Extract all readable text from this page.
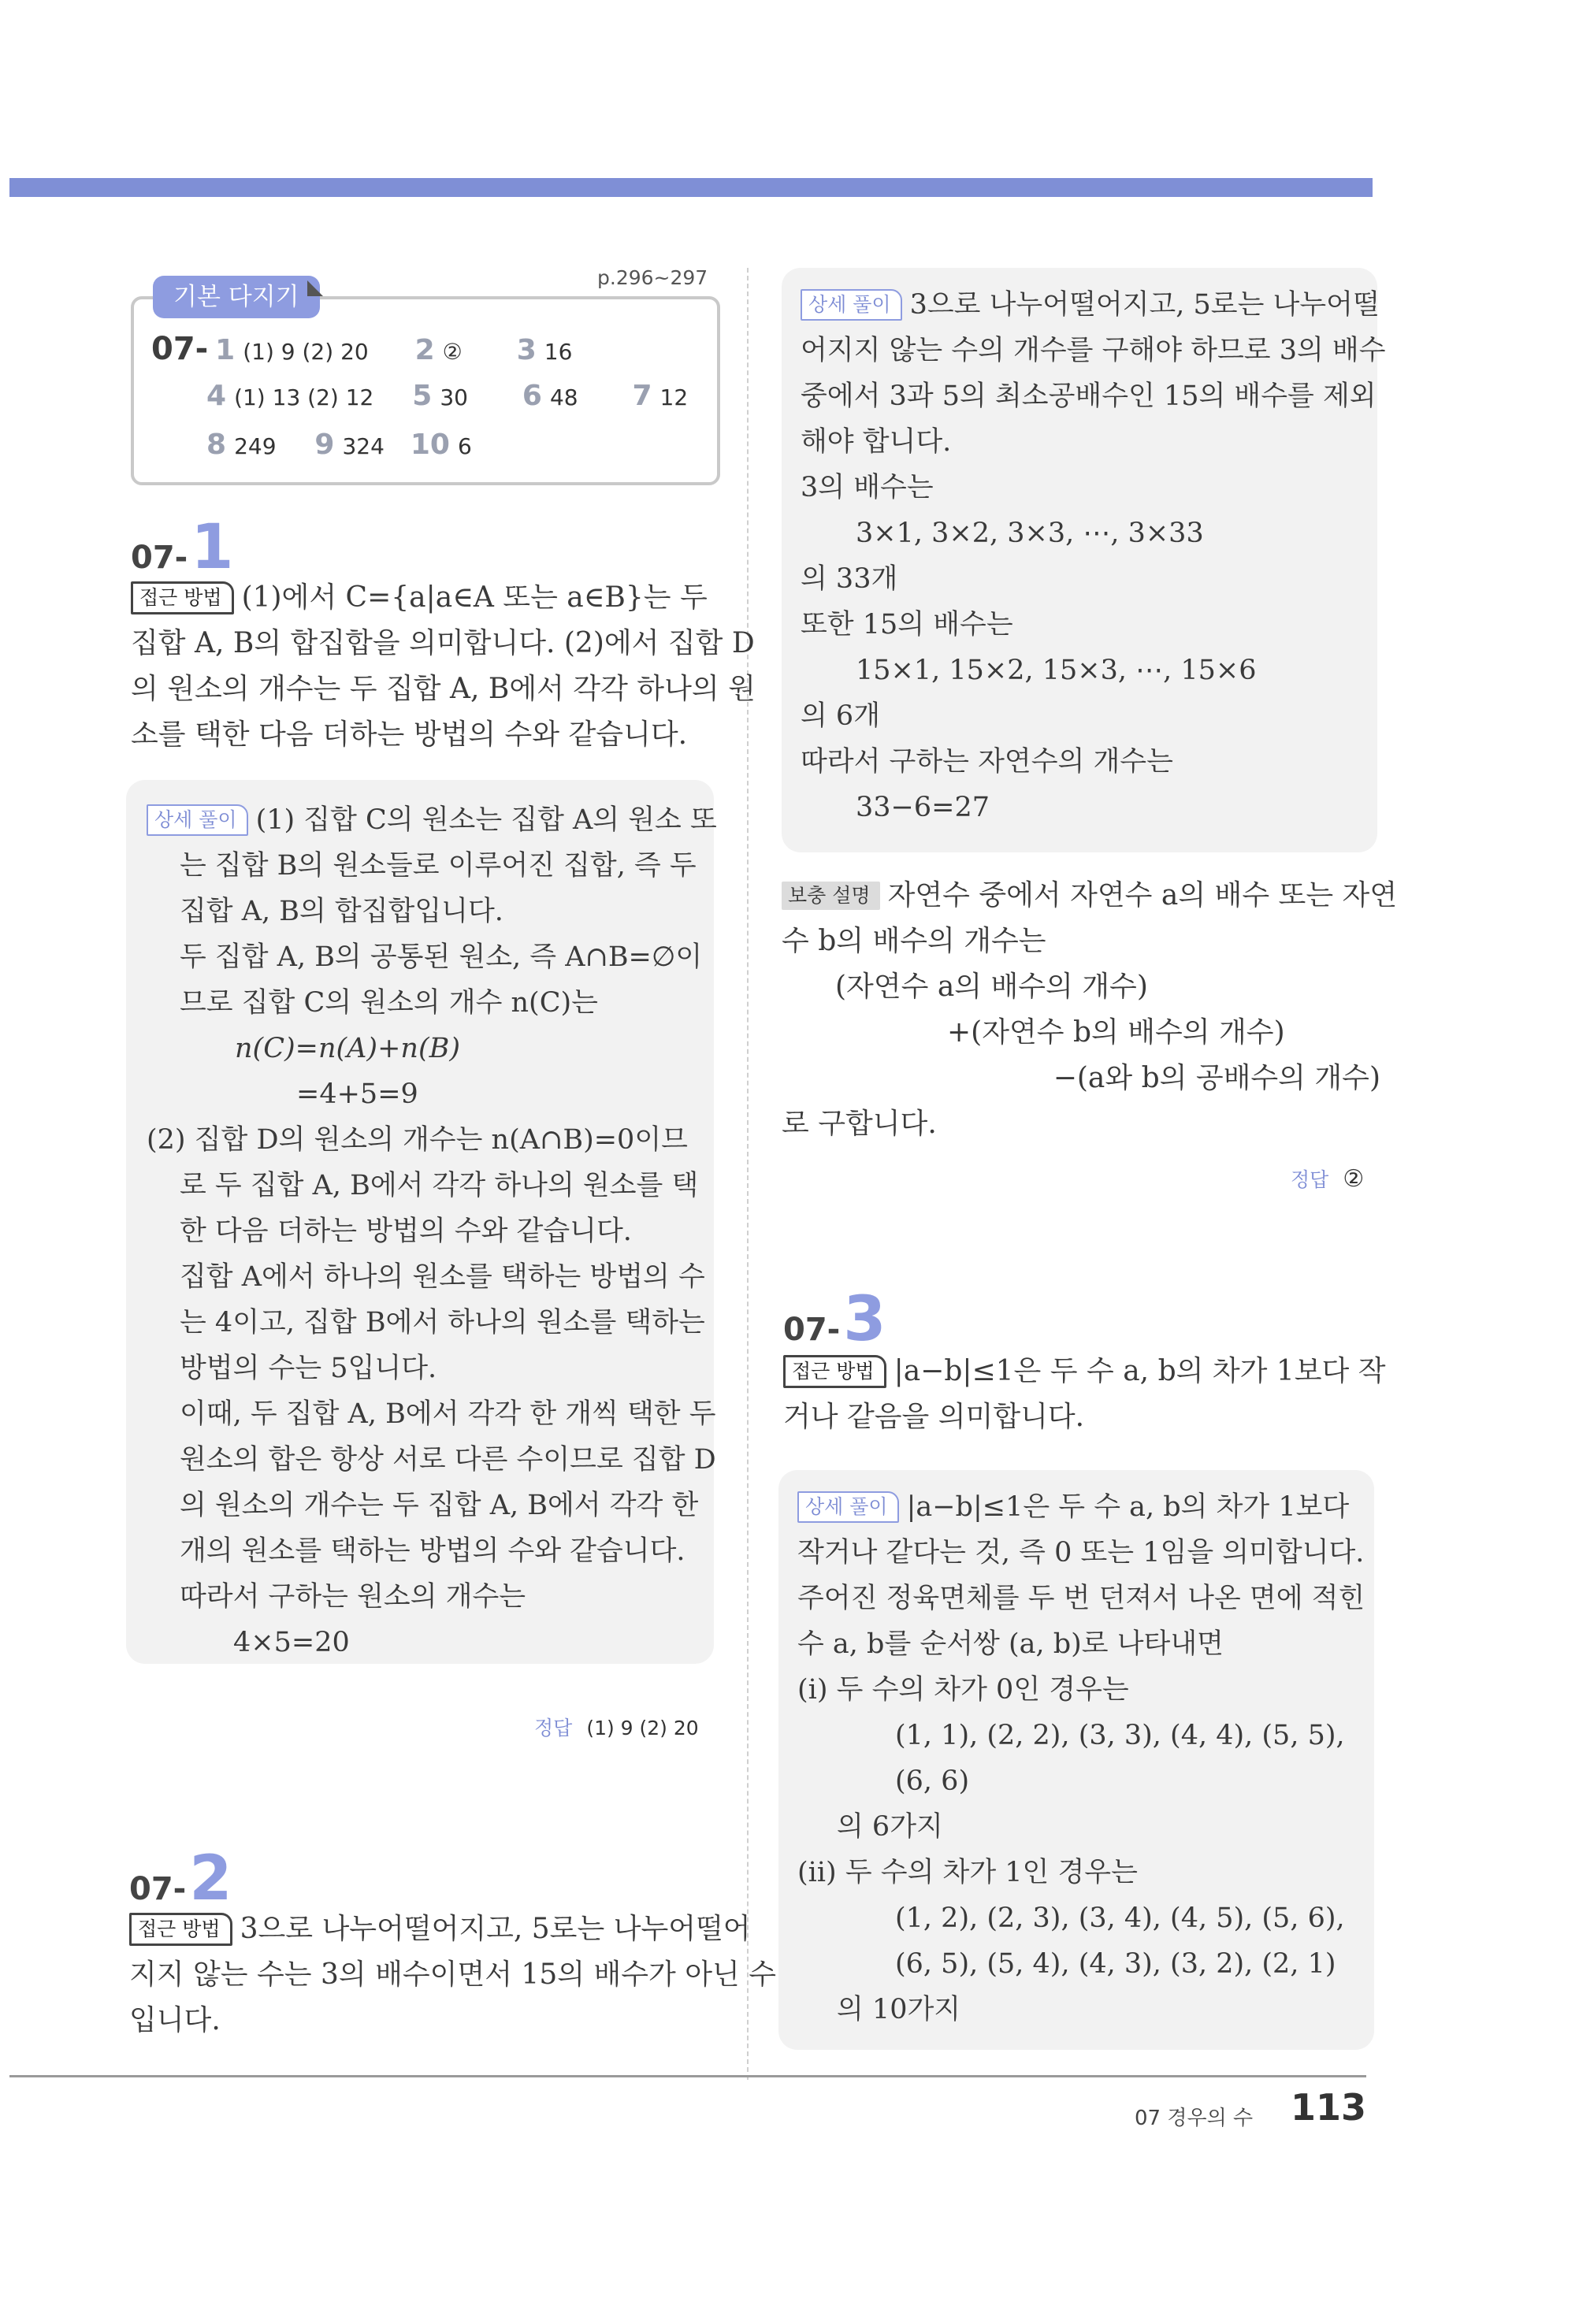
기본 다지기
p.296~297
07- 1 (1) 9 (2) 20 2 ② 3 16
4 (1) 13 (2) 12 5 30 6 48 7 12
8 249 9 324 10 6
07-1
접근 방법 (1)에서 C={a|a∈A 또는 a∈B}는 두
집합 A, B의 합집합을 의미합니다. (2)에서 집합 D
의 원소의 개수는 두 집합 A, B에서 각각 하나의 원
소를 택한 다음 더하는 방법의 수와 같습니다.
상세 풀이 (1) 집합 C의 원소는 집합 A의 원소 또
는 집합 B의 원소들로 이루어진 집합, 즉 두
집합 A, B의 합집합입니다.
두 집합 A, B의 공통된 원소, 즉 A∩B=∅이
므로 집합 C의 원소의 개수 n(C)는
n(C)=n(A)+n(B)
=4+5=9
(2) 집합 D의 원소의 개수는 n(A∩B)=0이므
로 두 집합 A, B에서 각각 하나의 원소를 택
한 다음 더하는 방법의 수와 같습니다.
집합 A에서 하나의 원소를 택하는 방법의 수
는 4이고, 집합 B에서 하나의 원소를 택하는
방법의 수는 5입니다.
이때, 두 집합 A, B에서 각각 한 개씩 택한 두
원소의 합은 항상 서로 다른 수이므로 집합 D
의 원소의 개수는 두 집합 A, B에서 각각 한
개의 원소를 택하는 방법의 수와 같습니다.
따라서 구하는 원소의 개수는
4×5=20
정답 (1) 9 (2) 20
07-2
접근 방법 3으로 나누어떨어지고, 5로는 나누어떨어
지지 않는 수는 3의 배수이면서 15의 배수가 아닌 수
입니다.
상세 풀이 3으로 나누어떨어지고, 5로는 나누어떨
어지지 않는 수의 개수를 구해야 하므로 3의 배수
중에서 3과 5의 최소공배수인 15의 배수를 제외
해야 합니다.
3의 배수는
3×1, 3×2, 3×3, ⋯, 3×33
의 33개
또한 15의 배수는
15×1, 15×2, 15×3, ⋯, 15×6
의 6개
따라서 구하는 자연수의 개수는
33−6=27
보충 설명 자연수 중에서 자연수 a의 배수 또는 자연
수 b의 배수의 개수는
(자연수 a의 배수의 개수)
+(자연수 b의 배수의 개수)
−(a와 b의 공배수의 개수)
로 구합니다.
정답 ②
07-3
접근 방법 |a−b|≤1은 두 수 a, b의 차가 1보다 작
거나 같음을 의미합니다.
상세 풀이 |a−b|≤1은 두 수 a, b의 차가 1보다
작거나 같다는 것, 즉 0 또는 1임을 의미합니다.
주어진 정육면체를 두 번 던져서 나온 면에 적힌
수 a, b를 순서쌍 (a, b)로 나타내면
(ⅰ) 두 수의 차가 0인 경우는
(1, 1), (2, 2), (3, 3), (4, 4), (5, 5),
(6, 6)
의 6가지
(ⅱ) 두 수의 차가 1인 경우는
(1, 2), (2, 3), (3, 4), (4, 5), (5, 6),
(6, 5), (5, 4), (4, 3), (3, 2), (2, 1)
의 10가지
07 경우의 수 113
